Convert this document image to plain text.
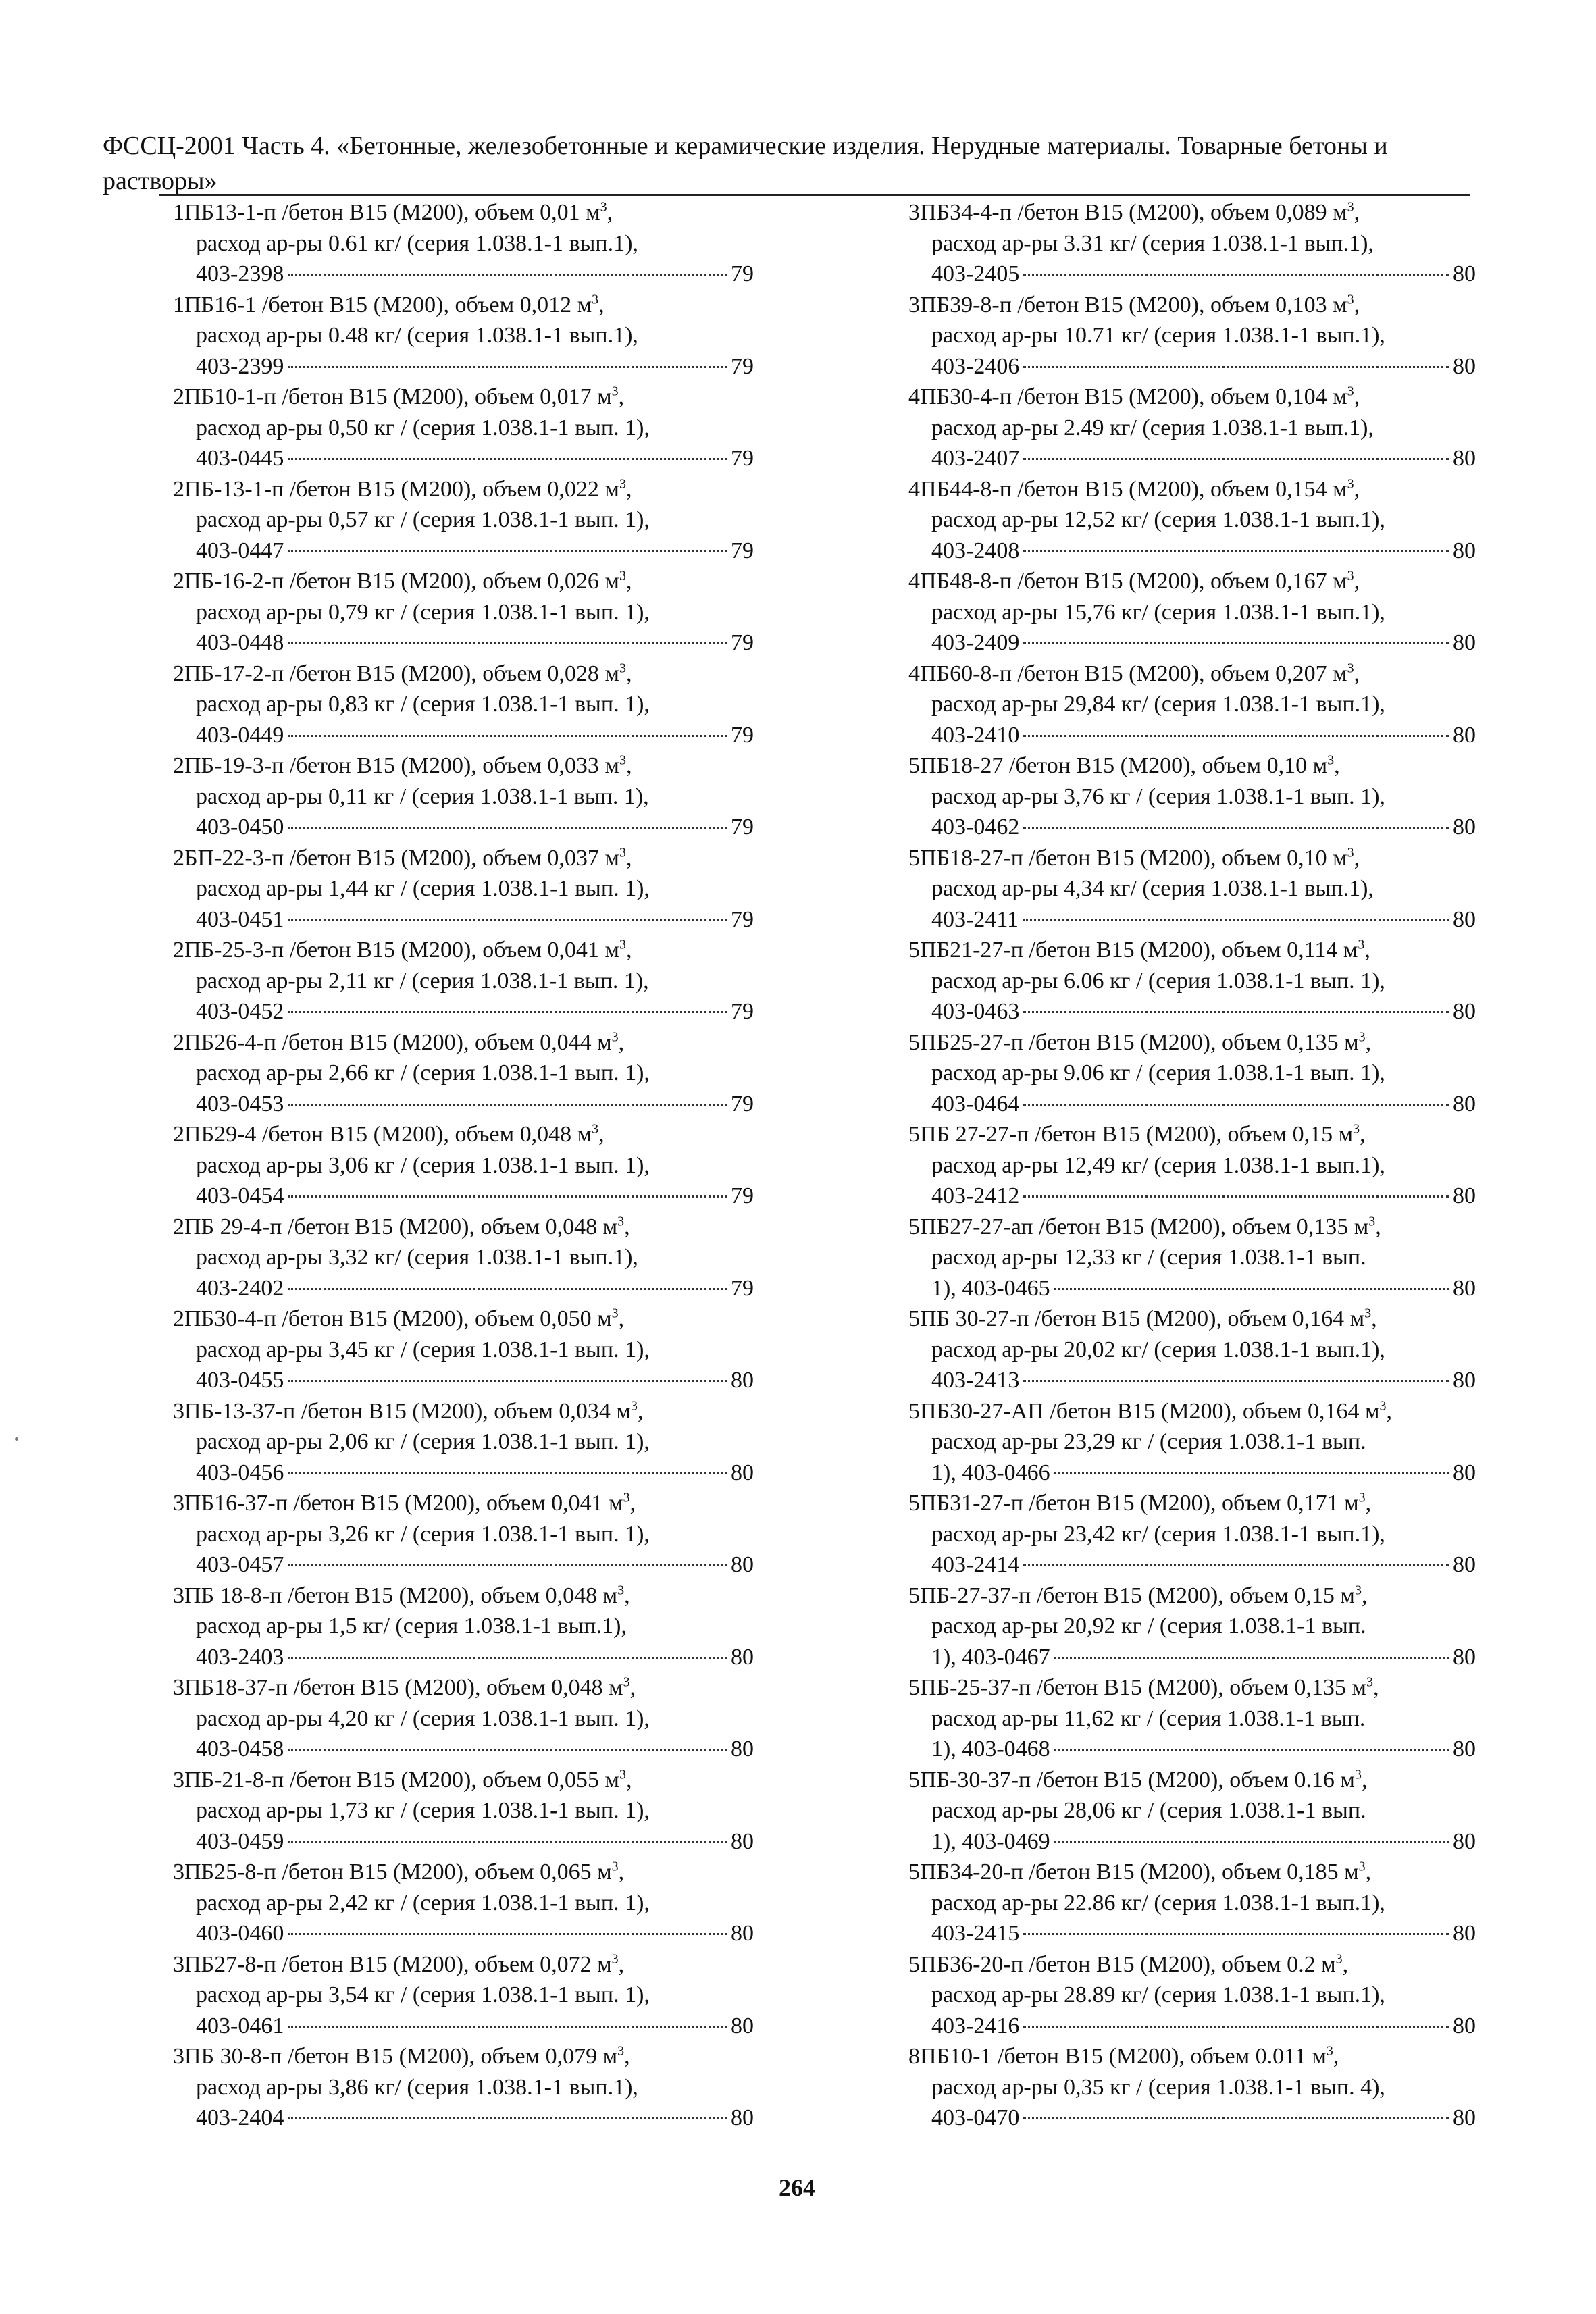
ФССЦ-2001 Часть 4. «Бетонные, железобетонные и керамические изделия. Нерудные материалы. Товарные бетоны и растворы»
1ПБ13-1-п /бетон В15 (М200), объем 0,01 $м^3$,
расход ар-ры 0.61 кг/ (серия 1.038.1-1 вып.1),
403-2398	79
1ПБ16-1 /бетон В15 (М200), объем 0,012 $м^3$,
расход ар-ры 0.48 кг/ (серия 1.038.1-1 вып.1),
403-2399	79
2ПБ10-1-п /бетон В15 (М200), объем 0,017 $м^3$,
расход ар-ры 0,50 кг / (серия 1.038.1-1 вып. 1),
403-0445	79
2ПБ-13-1-п /бетон В15 (М200), объем 0,022 $м^3$,
расход ар-ры 0,57 кг / (серия 1.038.1-1 вып. 1),
403-0447	79
2ПБ-16-2-п /бетон В15 (М200), объем 0,026 $м^3$,
расход ар-ры 0,79 кг / (серия 1.038.1-1 вып. 1),
403-0448	79
2ПБ-17-2-п /бетон В15 (М200), объем 0,028 $м^3$,
расход ар-ры 0,83 кг / (серия 1.038.1-1 вып. 1),
403-0449	79
2ПБ-19-3-п /бетон В15 (М200), объем 0,033 $м^3$,
расход ар-ры 0,11 кг / (серия 1.038.1-1 вып. 1),
403-0450	79
2БП-22-3-п /бетон В15 (М200), объем 0,037 $м^3$,
расход ар-ры 1,44 кг / (серия 1.038.1-1 вып. 1),
403-0451	79
2ПБ-25-3-п /бетон В15 (М200), объем 0,041 $м^3$,
расход ар-ры 2,11 кг / (серия 1.038.1-1 вып. 1),
403-0452	79
2ПБ26-4-п /бетон В15 (М200), объем 0,044 $м^3$,
расход ар-ры 2,66 кг / (серия 1.038.1-1 вып. 1),
403-0453	79
2ПБ29-4 /бетон В15 (М200), объем 0,048 $м^3$,
расход ар-ры 3,06 кг / (серия 1.038.1-1 вып. 1),
403-0454	79
2ПБ 29-4-п /бетон В15 (М200), объем 0,048 $м^3$,
расход ар-ры 3,32 кг/ (серия 1.038.1-1 вып.1),
403-2402	79
2ПБ30-4-п /бетон В15 (М200), объем 0,050 $м^3$,
расход ар-ры 3,45 кг / (серия 1.038.1-1 вып. 1),
403-0455	80
3ПБ-13-37-п /бетон В15 (М200), объем 0,034 $м^3$,
расход ар-ры 2,06 кг / (серия 1.038.1-1 вып. 1),
403-0456	80
3ПБ16-37-п /бетон В15 (М200), объем 0,041 $м^3$,
расход ар-ры 3,26 кг / (серия 1.038.1-1 вып. 1),
403-0457	80
3ПБ 18-8-п /бетон В15 (М200), объем 0,048 $м^3$,
расход ар-ры 1,5 кг/ (серия 1.038.1-1 вып.1),
403-2403	80
3ПБ18-37-п /бетон В15 (М200), объем 0,048 $м^3$,
расход ар-ры 4,20 кг / (серия 1.038.1-1 вып. 1),
403-0458	80
3ПБ-21-8-п /бетон В15 (М200), объем 0,055 $м^3$,
расход ар-ры 1,73 кг / (серия 1.038.1-1 вып. 1),
403-0459	80
3ПБ25-8-п /бетон В15 (М200), объем 0,065 $м^3$,
расход ар-ры 2,42 кг / (серия 1.038.1-1 вып. 1),
403-0460	80
3ПБ27-8-п /бетон В15 (М200), объем 0,072 $м^3$,
расход ар-ры 3,54 кг / (серия 1.038.1-1 вып. 1),
403-0461	80
3ПБ 30-8-п /бетон В15 (М200), объем 0,079 $м^3$,
расход ар-ры 3,86 кг/ (серия 1.038.1-1 вып.1),
403-2404	80
3ПБ34-4-п /бетон В15 (М200), объем 0,089 $м^3$,
расход ар-ры 3.31 кг/ (серия 1.038.1-1 вып.1),
403-2405	80
3ПБ39-8-п /бетон В15 (М200), объем 0,103 $м^3$,
расход ар-ры 10.71 кг/ (серия 1.038.1-1 вып.1),
403-2406	80
4ПБ30-4-п /бетон В15 (М200), объем 0,104 $м^3$,
расход ар-ры 2.49 кг/ (серия 1.038.1-1 вып.1),
403-2407	80
4ПБ44-8-п /бетон В15 (М200), объем 0,154 $м^3$,
расход ар-ры 12,52 кг/ (серия 1.038.1-1 вып.1),
403-2408	80
4ПБ48-8-п /бетон В15 (М200), объем 0,167 $м^3$,
расход ар-ры 15,76 кг/ (серия 1.038.1-1 вып.1),
403-2409	80
4ПБ60-8-п /бетон В15 (М200), объем 0,207 $м^3$,
расход ар-ры 29,84 кг/ (серия 1.038.1-1 вып.1),
403-2410	80
5ПБ18-27 /бетон В15 (М200), объем 0,10 $м^3$,
расход ар-ры 3,76 кг / (серия 1.038.1-1 вып. 1),
403-0462	80
5ПБ18-27-п /бетон В15 (М200), объем 0,10 $м^3$,
расход ар-ры 4,34 кг/ (серия 1.038.1-1 вып.1),
403-2411	80
5ПБ21-27-п /бетон В15 (М200), объем 0,114 $м^3$,
расход ар-ры 6.06 кг / (серия 1.038.1-1 вып. 1),
403-0463	80
5ПБ25-27-п /бетон В15 (М200), объем 0,135 $м^3$,
расход ар-ры 9.06 кг / (серия 1.038.1-1 вып. 1),
403-0464	80
5ПБ 27-27-п /бетон В15 (М200), объем 0,15 $м^3$,
расход ар-ры 12,49 кг/ (серия 1.038.1-1 вып.1),
403-2412	80
5ПБ27-27-ап /бетон В15 (М200), объем 0,135 $м^3$,
расход ар-ры 12,33 кг / (серия 1.038.1-1 вып.
1), 403-0465	80
5ПБ 30-27-п /бетон В15 (М200), объем 0,164 $м^3$,
расход ар-ры 20,02 кг/ (серия 1.038.1-1 вып.1),
403-2413	80
5ПБ30-27-АП /бетон В15 (М200), объем 0,164 $м^3$,
расход ар-ры 23,29 кг / (серия 1.038.1-1 вып.
1), 403-0466	80
5ПБ31-27-п /бетон В15 (М200), объем 0,171 $м^3$,
расход ар-ры 23,42 кг/ (серия 1.038.1-1 вып.1),
403-2414	80
5ПБ-27-37-п /бетон В15 (М200), объем 0,15 $м^3$,
расход ар-ры 20,92 кг / (серия 1.038.1-1 вып.
1), 403-0467	80
5ПБ-25-37-п /бетон В15 (М200), объем 0,135 $м^3$,
расход ар-ры 11,62 кг / (серия 1.038.1-1 вып.
1), 403-0468	80
5ПБ-30-37-п /бетон В15 (М200), объем 0.16 $м^3$,
расход ар-ры 28,06 кг / (серия 1.038.1-1 вып.
1), 403-0469	80
5ПБ34-20-п /бетон В15 (М200), объем 0,185 $м^3$,
расход ар-ры 22.86 кг/ (серия 1.038.1-1 вып.1),
403-2415	80
5ПБ36-20-п /бетон В15 (М200), объем 0.2 $м^3$,
расход ар-ры 28.89 кг/ (серия 1.038.1-1 вып.1),
403-2416	80
8ПБ10-1 /бетон В15 (М200), объем 0.011 $м^3$,
расход ар-ры 0,35 кг / (серия 1.038.1-1 вып. 4),
403-0470	80
264
